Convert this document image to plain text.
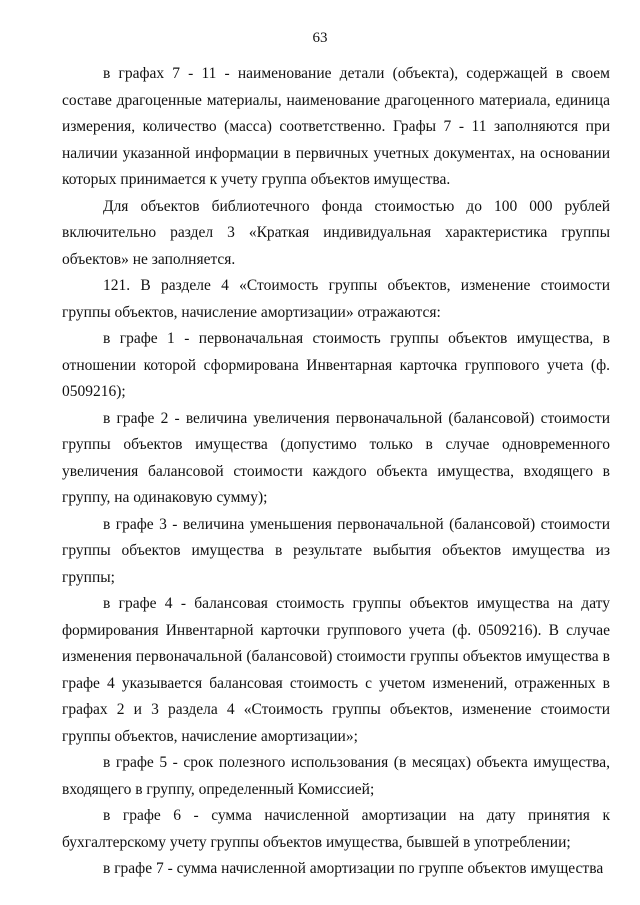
63

в графах 7 - 11 - наименование детали (объекта), содержащей в своем составе драгоценные материалы, наименование драгоценного материала, единица измерения, количество (масса) соответственно. Графы 7 - 11 заполняются при наличии указанной информации в первичных учетных документах, на основании которых принимается к учету группа объектов имущества.

Для объектов библиотечного фонда стоимостью до 100 000 рублей включительно раздел 3 «Краткая индивидуальная характеристика группы объектов» не заполняется.

121. В разделе 4 «Стоимость группы объектов, изменение стоимости группы объектов, начисление амортизации» отражаются:

в графе 1 - первоначальная стоимость группы объектов имущества, в отношении которой сформирована Инвентарная карточка группового учета (ф. 0509216);

в графе 2 - величина увеличения первоначальной (балансовой) стоимости группы объектов имущества (допустимо только в случае одновременного увеличения балансовой стоимости каждого объекта имущества, входящего в группу, на одинаковую сумму);

в графе 3 - величина уменьшения первоначальной (балансовой) стоимости группы объектов имущества в результате выбытия объектов имущества из группы;

в графе 4 - балансовая стоимость группы объектов имущества на дату формирования Инвентарной карточки группового учета (ф. 0509216). В случае изменения первоначальной (балансовой) стоимости группы объектов имущества в графе 4 указывается балансовая стоимость с учетом изменений, отраженных в графах 2 и 3 раздела 4 «Стоимость группы объектов, изменение стоимости группы объектов, начисление амортизации»;

в графе 5 - срок полезного использования (в месяцах) объекта имущества, входящего в группу, определенный Комиссией;

в графе 6 - сумма начисленной амортизации на дату принятия к бухгалтерскому учету группы объектов имущества, бывшей в употреблении;

в графе 7 - сумма начисленной амортизации по группе объектов имущества
